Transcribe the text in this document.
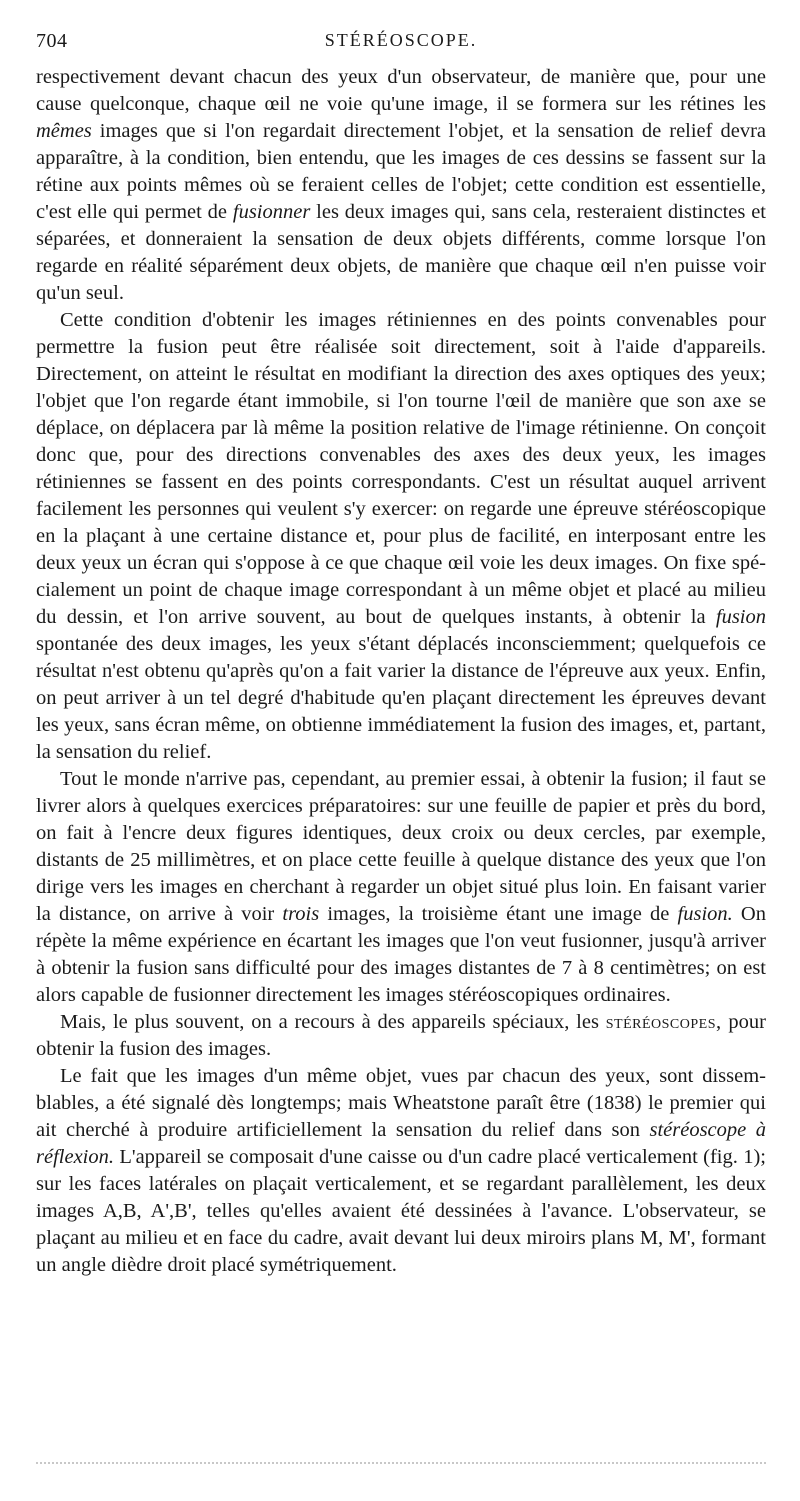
704	STÉRÉOSCOPE.

respectivement devant chacun des yeux d'un observateur, de manière que, pour une cause quelconque, chaque œil ne voie qu'une image, il se formera sur les rétines les mêmes images que si l'on regardait directement l'objet, et la sensation de relief devra apparaître, à la condition, bien entendu, que les images de ces dessins se fassent sur la rétine aux points mêmes où se feraient celles de l'objet; cette condition est essentielle, c'est elle qui permet de fusionner les deux images qui, sans cela, resteraient distinctes et séparées, et donneraient la sensation de deux objets différents, comme lorsque l'on regarde en réalité séparément deux objets, de manière que chaque œil n'en puisse voir qu'un seul.

Cette condition d'obtenir les images rétiniennes en des points convenables pour permettre la fusion peut être réalisée soit directement, soit à l'aide d'appareils. Directement, on atteint le résultat en modifiant la direction des axes optiques des yeux; l'objet que l'on regarde étant immobile, si l'on tourne l'œil de manière que son axe se déplace, on déplacera par là même la position relative de l'image rétinienne. On conçoit donc que, pour des directions convenables des axes des deux yeux, les images rétiniennes se fassent en des points correspondants. C'est un résultat auquel arrivent facilement les personnes qui veulent s'y exercer: on regarde une épreuve stéréoscopique en la plaçant à une certaine distance et, pour plus de facilité, en interposant entre les deux yeux un écran qui s'oppose à ce que chaque œil voie les deux images. On fixe spécialement un point de chaque image correspondant à un même objet et placé au milieu du dessin, et l'on arrive souvent, au bout de quelques instants, à obtenir la fusion spontanée des deux images, les yeux s'étant déplacés inconsciemment; quelquefois ce résultat n'est obtenu qu'après qu'on a fait varier la distance de l'épreuve aux yeux. Enfin, on peut arriver à un tel degré d'habitude qu'en plaçant directement les épreuves devant les yeux, sans écran même, on obtienne immédiatement la fusion des images, et, partant, la sensation du relief.

Tout le monde n'arrive pas, cependant, au premier essai, à obtenir la fusion; il faut se livrer alors à quelques exercices préparatoires: sur une feuille de papier et près du bord, on fait à l'encre deux figures identiques, deux croix ou deux cercles, par exemple, distants de 25 millimètres, et on place cette feuille à quelque distance des yeux que l'on dirige vers les images en cherchant à regarder un objet situé plus loin. En faisant varier la distance, on arrive à voir trois images, la troisième étant une image de fusion. On répète la même expérience en écartant les images que l'on veut fusionner, jusqu'à arriver à obtenir la fusion sans difficulté pour des images distantes de 7 à 8 centimètres; on est alors capable de fusionner directement les images stéréoscopiques ordinaires.

Mais, le plus souvent, on a recours à des appareils spéciaux, les stéréoscopes, pour obtenir la fusion des images.

Le fait que les images d'un même objet, vues par chacun des yeux, sont dissemblables, a été signalé dès longtemps; mais Wheatstone paraît être (1838) le premier qui ait cherché à produire artificiellement la sensation du relief dans son stéréoscope à réflexion. L'appareil se composait d'une caisse ou d'un cadre placé verticalement (fig. 1); sur les faces latérales on plaçait verticalement, et se regardant parallèlement, les deux images A,B, A',B', telles qu'elles avaient été dessinées à l'avance. L'observateur, se plaçant au milieu et en face du cadre, avait devant lui deux miroirs plans M, M', formant un angle dièdre droit placé symétriquement.
